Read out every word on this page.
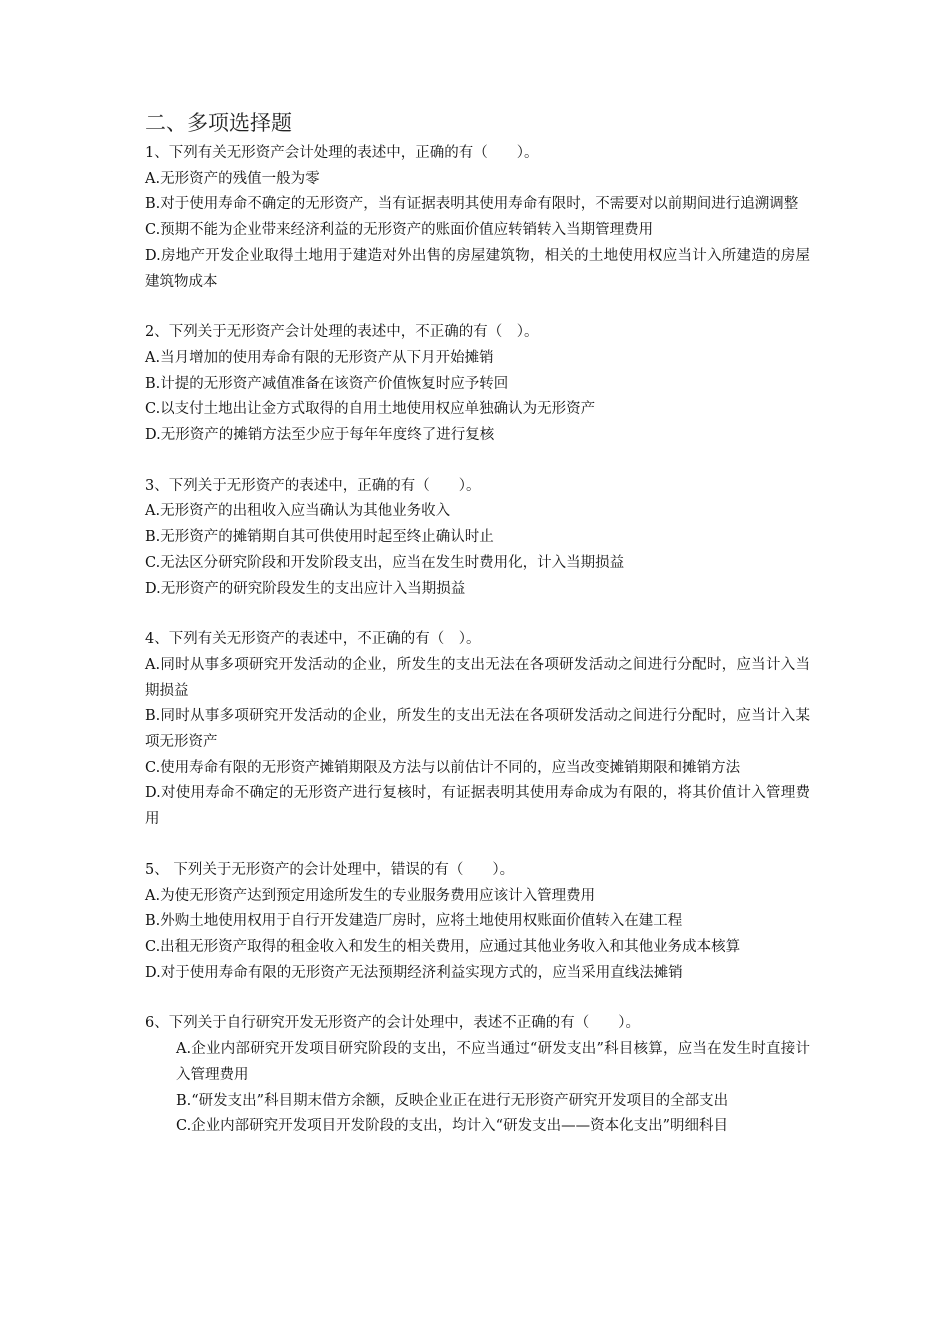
二、多项选择题
1、下列有关无形资产会计处理的表述中，正确的有（　　）。
A.无形资产的残值一般为零
B.对于使用寿命不确定的无形资产，当有证据表明其使用寿命有限时，不需要对以前期间进行追溯调整
C.预期不能为企业带来经济利益的无形资产的账面价值应转销转入当期管理费用
D.房地产开发企业取得土地用于建造对外出售的房屋建筑物，相关的土地使用权应当计入所建造的房屋建筑物成本
2、下列关于无形资产会计处理的表述中，不正确的有（　）。
A.当月增加的使用寿命有限的无形资产从下月开始摊销
B.计提的无形资产减值准备在该资产价值恢复时应予转回
C.以支付土地出让金方式取得的自用土地使用权应单独确认为无形资产
D.无形资产的摊销方法至少应于每年年度终了进行复核
3、下列关于无形资产的表述中，正确的有（　　）。
A.无形资产的出租收入应当确认为其他业务收入
B.无形资产的摊销期自其可供使用时起至终止确认时止
C.无法区分研究阶段和开发阶段支出，应当在发生时费用化，计入当期损益
D.无形资产的研究阶段发生的支出应计入当期损益
4、下列有关无形资产的表述中，不正确的有（　）。
A.同时从事多项研究开发活动的企业，所发生的支出无法在各项研发活动之间进行分配时，应当计入当期损益
B.同时从事多项研究开发活动的企业，所发生的支出无法在各项研发活动之间进行分配时，应当计入某项无形资产
C.使用寿命有限的无形资产摊销期限及方法与以前估计不同的，应当改变摊销期限和摊销方法
D.对使用寿命不确定的无形资产进行复核时，有证据表明其使用寿命成为有限的，将其价值计入管理费用
5、 下列关于无形资产的会计处理中，错误的有（　　）。
A.为使无形资产达到预定用途所发生的专业服务费用应该计入管理费用
B.外购土地使用权用于自行开发建造厂房时，应将土地使用权账面价值转入在建工程
C.出租无形资产取得的租金收入和发生的相关费用，应通过其他业务收入和其他业务成本核算
D.对于使用寿命有限的无形资产无法预期经济利益实现方式的，应当采用直线法摊销
6、下列关于自行研究开发无形资产的会计处理中，表述不正确的有（　　）。
A.企业内部研究开发项目研究阶段的支出，不应当通过“研发支出”科目核算，应当在发生时直接计入管理费用
B.“研发支出”科目期末借方余额，反映企业正在进行无形资产研究开发项目的全部支出
C.企业内部研究开发项目开发阶段的支出，均计入“研发支出——资本化支出”明细科目
